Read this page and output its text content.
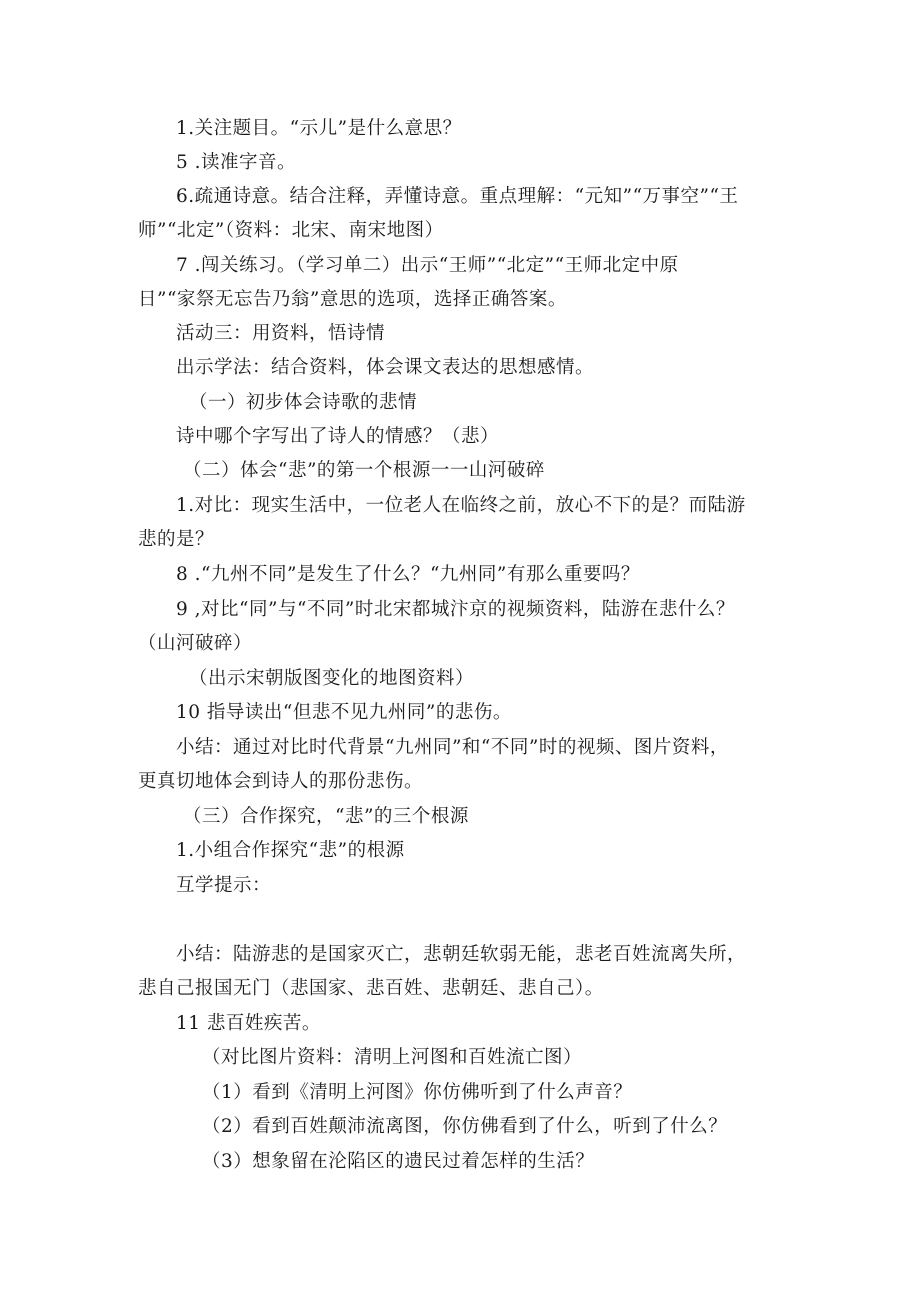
1.关注题目。“示儿”是什么意思？
5 .读准字音。
6.疏通诗意。结合注释，弄懂诗意。重点理解：“元知”“万事空”“王
师”“北定”（资料：北宋、南宋地图）
7 .闯关练习。（学习单二）出示“王师”“北定”“王师北定中原
日”“家祭无忘告乃翁”意思的选项，选择正确答案。
活动三：用资料，悟诗情
出示学法：结合资料，体会课文表达的思想感情。
（一）初步体会诗歌的悲情
诗中哪个字写出了诗人的情感？（悲）
（二）体会“悲”的第一个根源一一山河破碎
1.对比：现实生活中，一位老人在临终之前，放心不下的是？而陆游
悲的是？
8 .“九州不同”是发生了什么？“九州同”有那么重要吗？
9 ,对比“同”与“不同”时北宋都城汴京的视频资料，陆游在悲什么？
（山河破碎）
（出示宋朝版图变化的地图资料）
10 指导读出“但悲不见九州同”的悲伤。
小结：通过对比时代背景“九州同”和“不同”时的视频、图片资料，
更真切地体会到诗人的那份悲伤。
（三）合作探究，“悲”的三个根源
1.小组合作探究“悲”的根源
互学提示：
小结：陆游悲的是国家灭亡，悲朝廷软弱无能，悲老百姓流离失所，
悲自己报国无门（悲国家、悲百姓、悲朝廷、悲自己）。
11 悲百姓疾苦。
（对比图片资料：清明上河图和百姓流亡图）
（1）看到《清明上河图》你仿佛听到了什么声音？
（2）看到百姓颠沛流离图，你仿佛看到了什么，听到了什么？
（3）想象留在沦陷区的遗民过着怎样的生活？
